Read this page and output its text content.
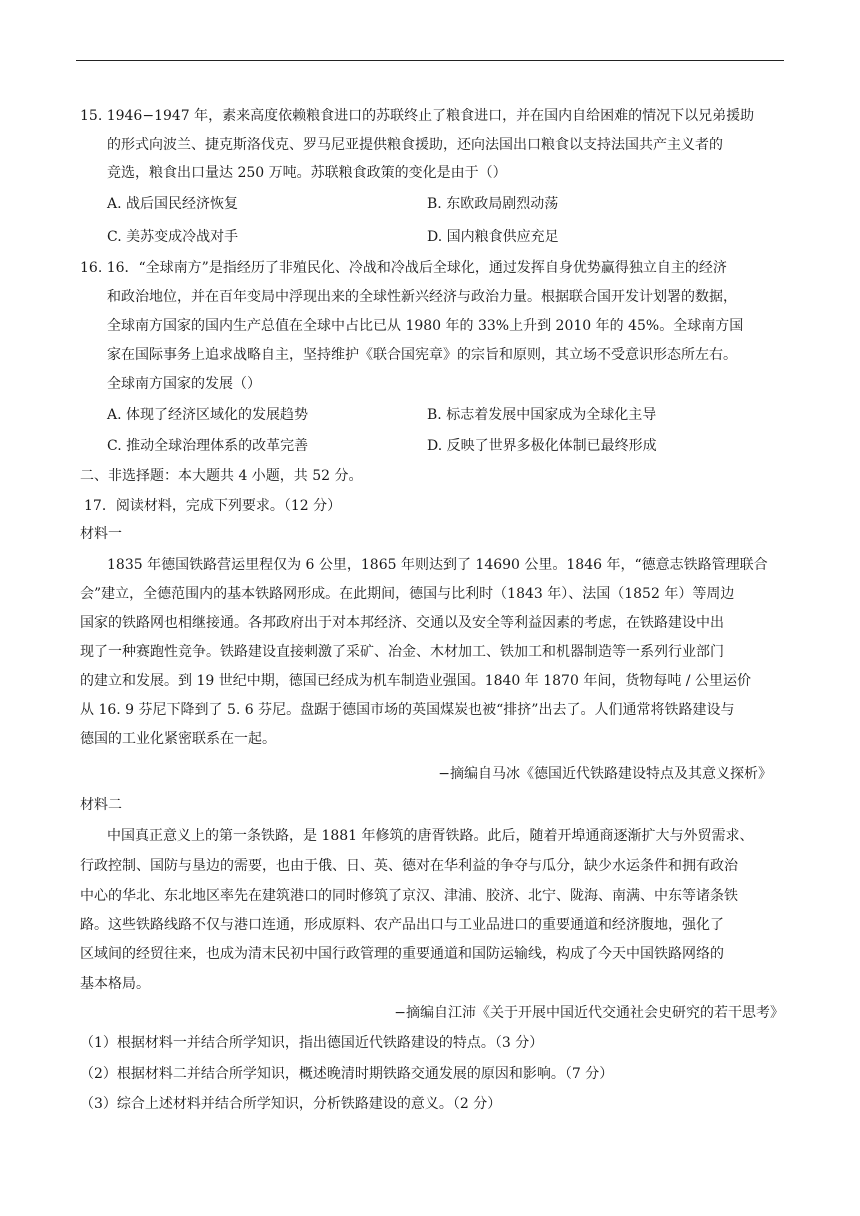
15. 1946−1947 年，素来高度依赖粮食进口的苏联终止了粮食进口，并在国内自给困难的情况下以兄弟援助
的形式向波兰、捷克斯洛伐克、罗马尼亚提供粮食援助，还向法国出口粮食以支持法国共产主义者的
竞选，粮食出口量达 250 万吨。苏联粮食政策的变化是由于（）
A. 战后国民经济恢复	B. 东欧政局剧烈动荡
C. 美苏变成冷战对手	D. 国内粮食供应充足
16. 16．“全球南方”是指经历了非殖民化、冷战和冷战后全球化，通过发挥自身优势赢得独立自主的经济
和政治地位，并在百年变局中浮现出来的全球性新兴经济与政治力量。根据联合国开发计划署的数据，
全球南方国家的国内生产总值在全球中占比已从 1980 年的 33%上升到 2010 年的 45%。全球南方国
家在国际事务上追求战略自主，坚持维护《联合国宪章》的宗旨和原则，其立场不受意识形态所左右。
全球南方国家的发展（）
A. 体现了经济区域化的发展趋势	B. 标志着发展中国家成为全球化主导
C. 推动全球治理体系的改革完善	D. 反映了世界多极化体制已最终形成
二、非选择题：本大题共 4 小题，共 52 分。
17．阅读材料，完成下列要求。（12 分）
材料一
1835 年德国铁路营运里程仅为 6 公里，1865 年则达到了 14690 公里。1846 年，“德意志铁路管理联合
会”建立，全德范围内的基本铁路网形成。在此期间，德国与比利时（1843 年）、法国（1852 年）等周边
国家的铁路网也相继接通。各邦政府出于对本邦经济、交通以及安全等利益因素的考虑，在铁路建设中出
现了一种赛跑性竞争。铁路建设直接刺激了采矿、冶金、木材加工、铁加工和机器制造等一系列行业部门
的建立和发展。到 19 世纪中期，德国已经成为机车制造业强国。1840 年 1870 年间，货物每吨 / 公里运价
从 16. 9 芬尼下降到了 5. 6 芬尼。盘踞于德国市场的英国煤炭也被“排挤”出去了。人们通常将铁路建设与
德国的工业化紧密联系在一起。
−摘编自马冰《德国近代铁路建设特点及其意义探析》
材料二
中国真正意义上的第一条铁路，是 1881 年修筑的唐胥铁路。此后，随着开埠通商逐渐扩大与外贸需求、
行政控制、国防与垦边的需要，也由于俄、日、英、德对在华利益的争夺与瓜分，缺少水运条件和拥有政治
中心的华北、东北地区率先在建筑港口的同时修筑了京汉、津浦、胶济、北宁、陇海、南满、中东等诸条铁
路。这些铁路线路不仅与港口连通，形成原料、农产品出口与工业品进口的重要通道和经济腹地，强化了
区域间的经贸往来，也成为清末民初中国行政管理的重要通道和国防运输线，构成了今天中国铁路网络的
基本格局。
−摘编自江沛《关于开展中国近代交通社会史研究的若干思考》
（1）根据材料一并结合所学知识，指出德国近代铁路建设的特点。（3 分）
（2）根据材料二并结合所学知识，概述晚清时期铁路交通发展的原因和影响。（7 分）
（3）综合上述材料并结合所学知识，分析铁路建设的意义。（2 分）
